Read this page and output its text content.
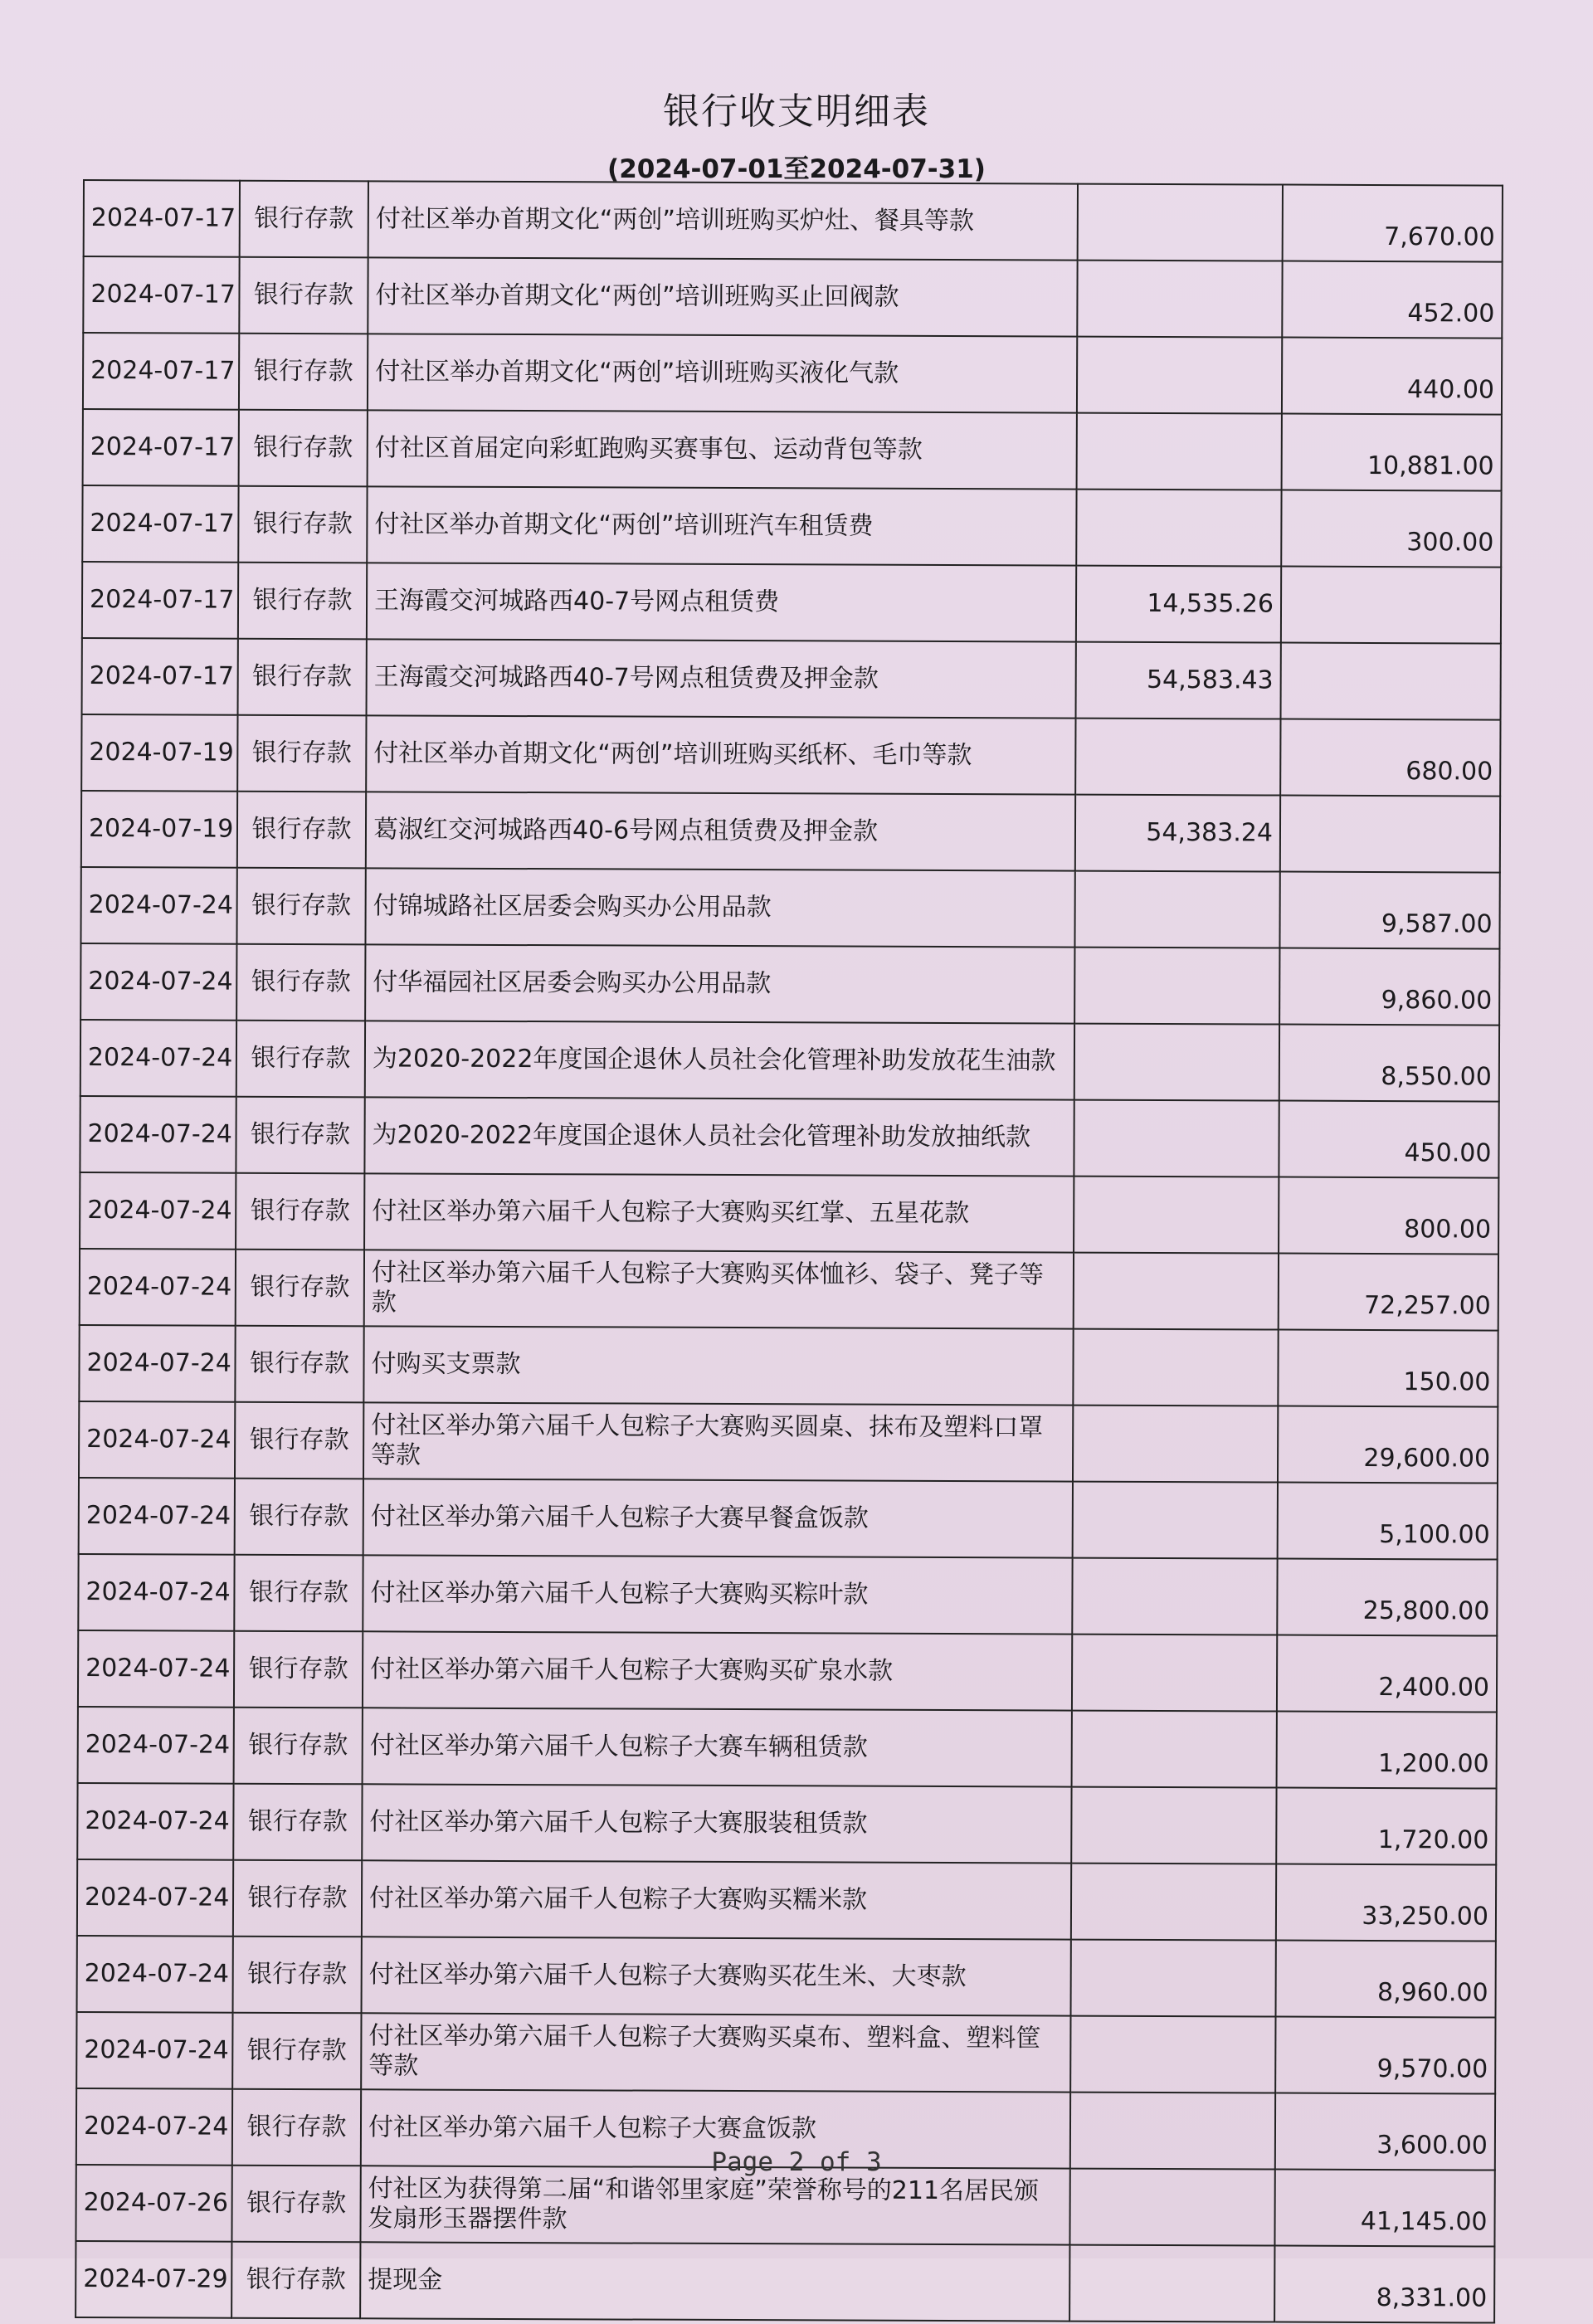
银行收支明细表
(2024-07-01至2024-07-31)
2024-07-17	银行存款	付社区举办首期文化“两创”培训班购买炉灶、餐具等款		7,670.00
2024-07-17	银行存款	付社区举办首期文化“两创”培训班购买止回阀款		452.00
2024-07-17	银行存款	付社区举办首期文化“两创”培训班购买液化气款		440.00
2024-07-17	银行存款	付社区首届定向彩虹跑购买赛事包、运动背包等款		10,881.00
2024-07-17	银行存款	付社区举办首期文化“两创”培训班汽车租赁费		300.00
2024-07-17	银行存款	王海霞交河城路西40-7号网点租赁费	14,535.26	
2024-07-17	银行存款	王海霞交河城路西40-7号网点租赁费及押金款	54,583.43	
2024-07-19	银行存款	付社区举办首期文化“两创”培训班购买纸杯、毛巾等款		680.00
2024-07-19	银行存款	葛淑红交河城路西40-6号网点租赁费及押金款	54,383.24	
2024-07-24	银行存款	付锦城路社区居委会购买办公用品款		9,587.00
2024-07-24	银行存款	付华福园社区居委会购买办公用品款		9,860.00
2024-07-24	银行存款	为2020-2022年度国企退休人员社会化管理补助发放花生油款		8,550.00
2024-07-24	银行存款	为2020-2022年度国企退休人员社会化管理补助发放抽纸款		450.00
2024-07-24	银行存款	付社区举办第六届千人包粽子大赛购买红掌、五星花款		800.00
2024-07-24	银行存款	付社区举办第六届千人包粽子大赛购买体恤衫、袋子、凳子等款		72,257.00
2024-07-24	银行存款	付购买支票款		150.00
2024-07-24	银行存款	付社区举办第六届千人包粽子大赛购买圆桌、抹布及塑料口罩等款		29,600.00
2024-07-24	银行存款	付社区举办第六届千人包粽子大赛早餐盒饭款		5,100.00
2024-07-24	银行存款	付社区举办第六届千人包粽子大赛购买粽叶款		25,800.00
2024-07-24	银行存款	付社区举办第六届千人包粽子大赛购买矿泉水款		2,400.00
2024-07-24	银行存款	付社区举办第六届千人包粽子大赛车辆租赁款		1,200.00
2024-07-24	银行存款	付社区举办第六届千人包粽子大赛服装租赁款		1,720.00
2024-07-24	银行存款	付社区举办第六届千人包粽子大赛购买糯米款		33,250.00
2024-07-24	银行存款	付社区举办第六届千人包粽子大赛购买花生米、大枣款		8,960.00
2024-07-24	银行存款	付社区举办第六届千人包粽子大赛购买桌布、塑料盒、塑料筐等款		9,570.00
2024-07-24	银行存款	付社区举办第六届千人包粽子大赛盒饭款		3,600.00
2024-07-26	银行存款	付社区为获得第二届“和谐邻里家庭”荣誉称号的211名居民颁发扇形玉器摆件款		41,145.00
2024-07-29	银行存款	提现金		8,331.00
Page 2 of 3
